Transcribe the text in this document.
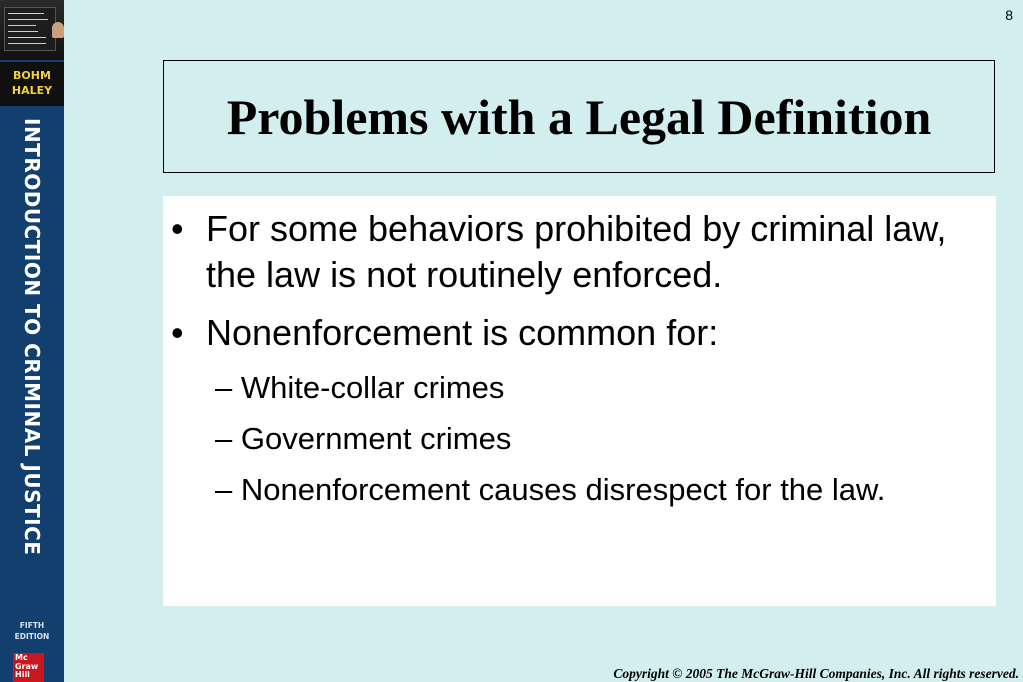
BOHM
HALEY
INTRODUCTION TO CRIMINAL JUSTICE
FIFTH
EDITION
Mc
Graw
Hill
8
Problems with a Legal Definition
• For some behaviors prohibited by criminal law, the law is not routinely enforced.
• Nonenforcement is common for:
– White-collar crimes
– Government crimes
– Nonenforcement causes disrespect for the law.
Copyright © 2005 The McGraw-Hill Companies, Inc. All rights reserved.
